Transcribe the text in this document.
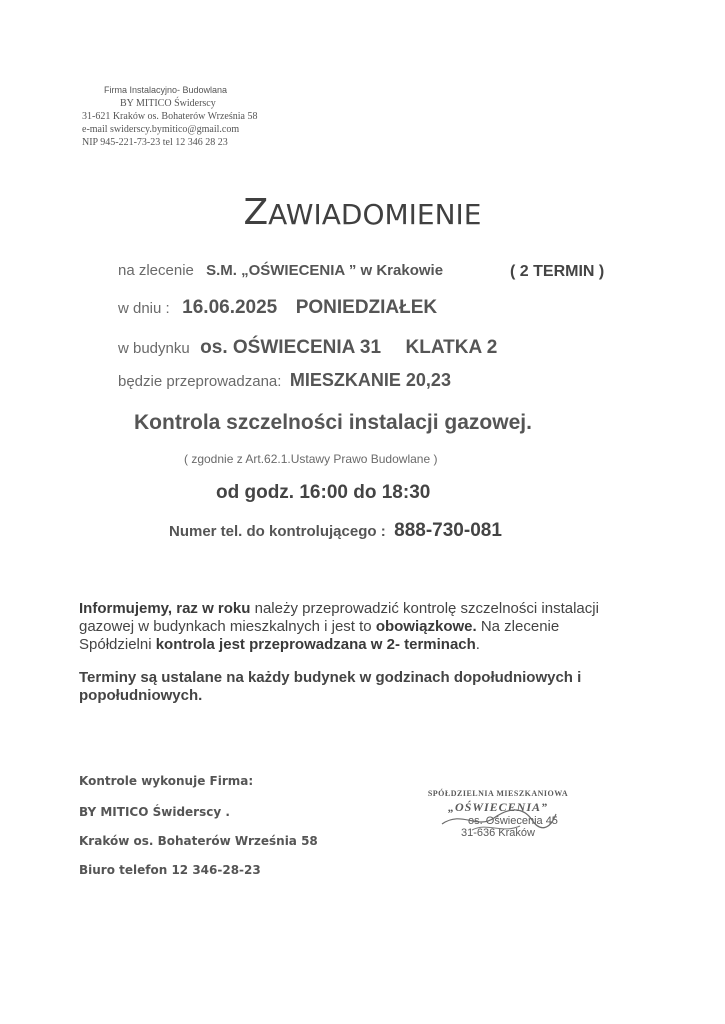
Firma Instalacyjno- Budowlana
BY MITICO Świderscy
31-621 Kraków os. Bohaterów Września 58
e-mail swiderscy.bymitico@gmail.com
NIP 945-221-73-23 tel 12 346 28 23
ZAWIADOMIENIE
na zlecenie S.M. „OŚWIECENIA ” w Krakowie	( 2 TERMIN )
w dniu : 16.06.2025 PONIEDZIAŁEK
w budynku os. OŚWIECENIA 31 KLATKA 2
będzie przeprowadzana: MIESZKANIE 20,23
Kontrola szczelności instalacji gazowej.
( zgodnie z Art.62.1.Ustawy Prawo Budowlane )
od godz. 16:00 do 18:30
Numer tel. do kontrolującego : 888-730-081
Informujemy, raz w roku należy przeprowadzić kontrolę szczelności instalacji
gazowej w budynkach mieszkalnych i jest to obowiązkowe. Na zlecenie
Spółdzielni kontrola jest przeprowadzana w 2- terminach.
Terminy są ustalane na każdy budynek w godzinach dopołudniowych i
popołudniowych.
Kontrole wykonuje Firma:
BY MITICO Świderscy .
Kraków os. Bohaterów Września 58
Biuro telefon 12 346-28-23
SPÓŁDZIELNIA MIESZKANIOWA
„OŚWIECENIA”
os. Oświecenia 45
31-636 Kraków
